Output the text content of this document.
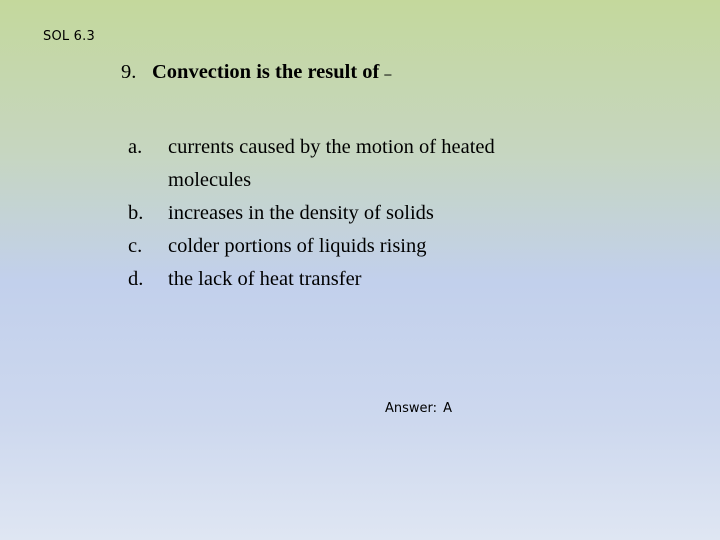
SOL 6.3
9. Convection is the result of –
a.	currents caused by the motion of heated molecules
b.	increases in the density of solids
c.	colder portions of liquids rising
d.	the lack of heat transfer
Answer: A
